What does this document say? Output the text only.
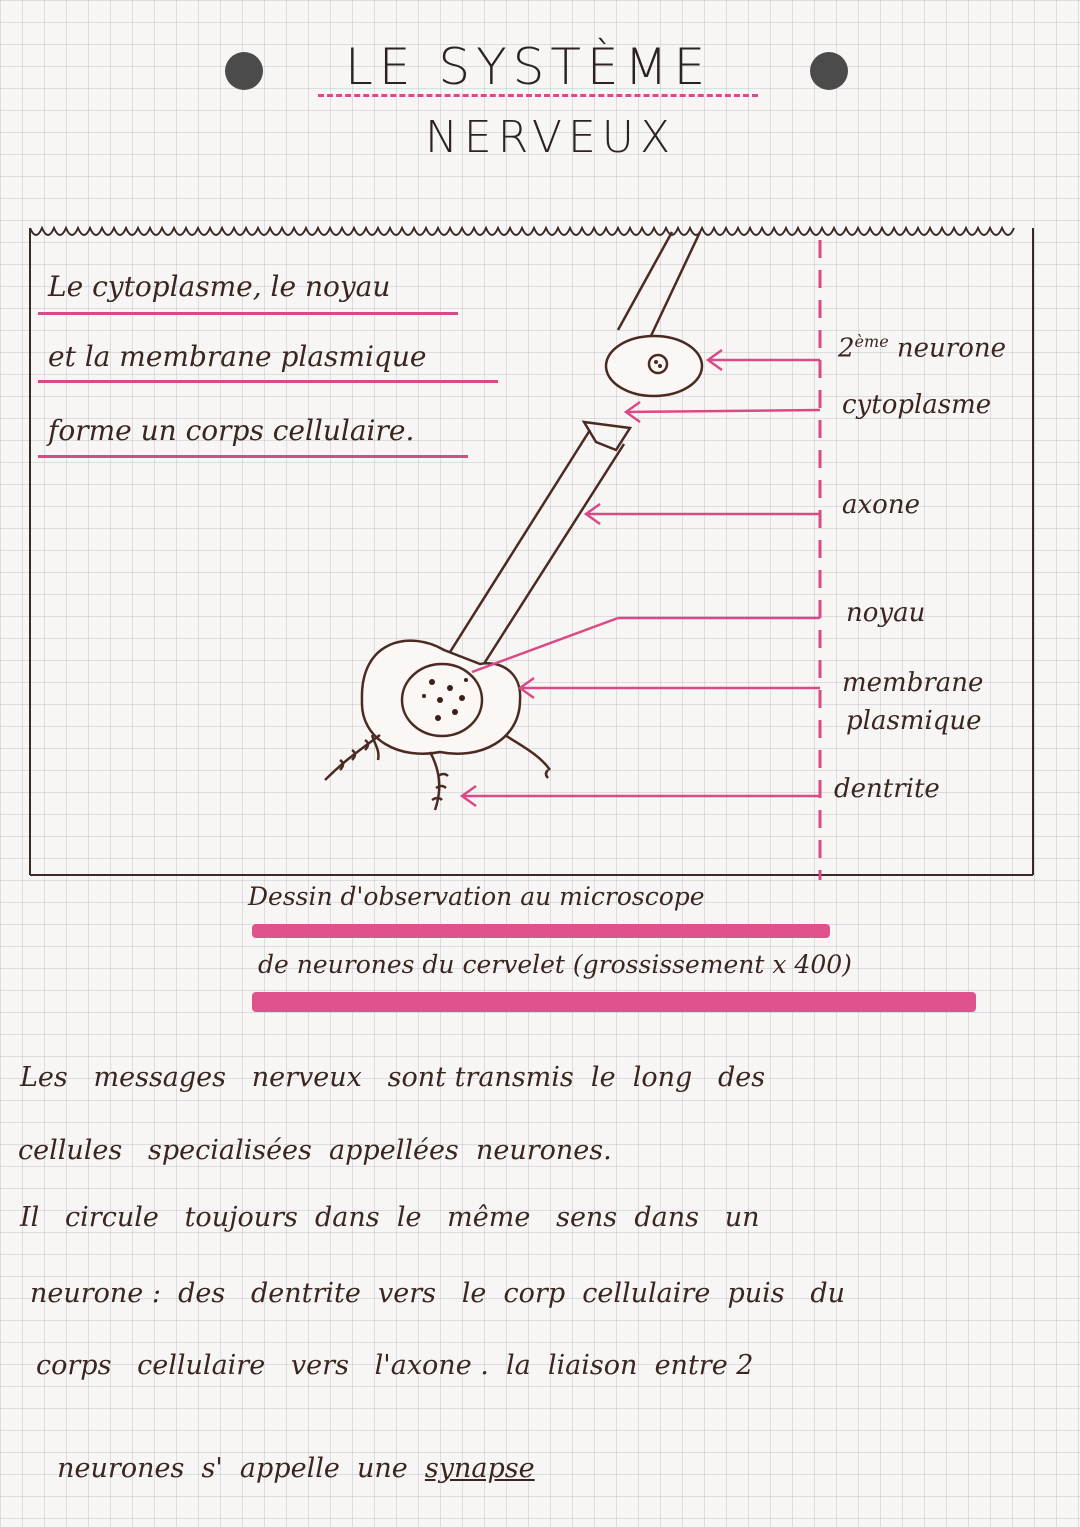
LE SYSTÈME
NERVEUX
Le cytoplasme, le noyau
et la membrane plasmique
forme un corps cellulaire.
2ème neurone
cytoplasme
axone
noyau
membrane
plasmique
dentrite
Dessin d'observation au microscope
de neurones du cervelet (grossissement x 400)
Les   messages   nerveux   sont transmis  le  long   des
cellules   specialisées  appellées  neurones.
Il   circule   toujours  dans  le   même   sens  dans   un
neurone :  des   dentrite  vers   le  corp  cellulaire  puis   du
corps   cellulaire   vers   l'axone .  la  liaison  entre 2

neurones  s'  appelle  une  synapse
